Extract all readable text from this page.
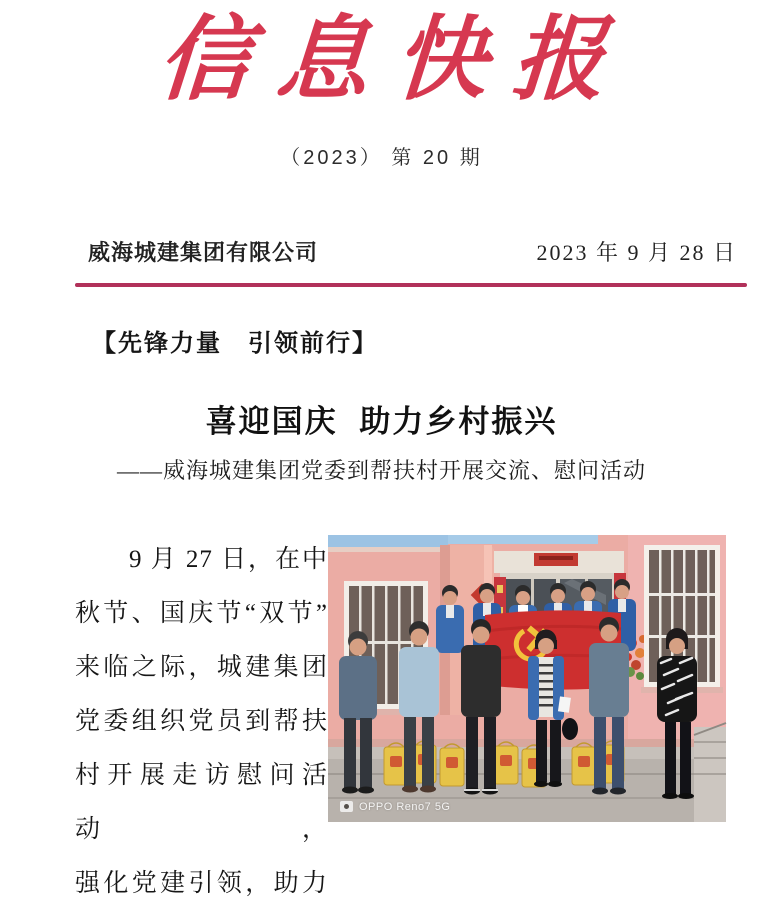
信息快报
（2023） 第 20 期
威海城建集团有限公司	2023 年 9 月 28 日
【先锋力量　引领前行】
喜迎国庆 助力乡村振兴
——威海城建集团党委到帮扶村开展交流、慰问活动
9 月 27 日，在中
秋节、国庆节“双节”
来临之际，城建集团
党委组织党员到帮扶
村开展走访慰问活动，
强化党建引领，助力
OPPO Reno7 5G
